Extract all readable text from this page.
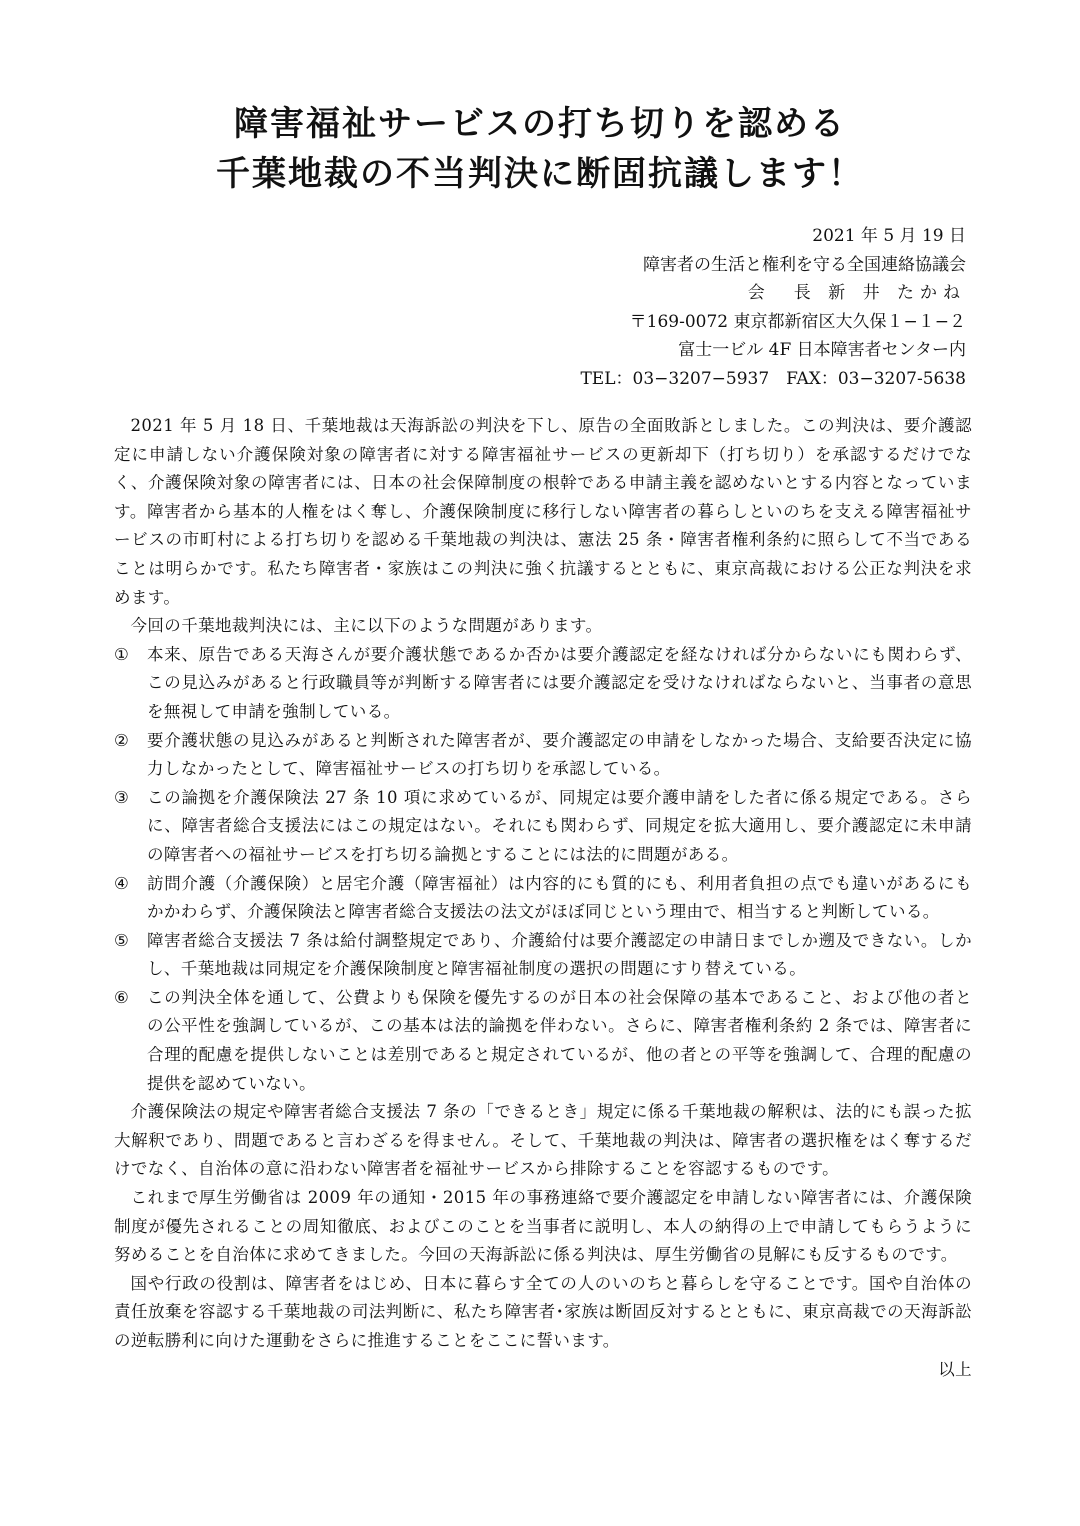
障害福祉サービスの打ち切りを認める
千葉地裁の不当判決に断固抗議します！
2021 年 5 月 19 日
障害者の生活と権利を守る全国連絡協議会
会　長 新 井 たかね
〒169-0072 東京都新宿区大久保１−１−２
富士一ビル 4F 日本障害者センター内
TEL：03−3207−5937　FAX：03−3207-5638

2021 年 5 月 18 日、千葉地裁は天海訴訟の判決を下し、原告の全面敗訴としました。この判決は、要介護認定に申請しない介護保険対象の障害者に対する障害福祉サービスの更新却下（打ち切り）を承認するだけでなく、介護保険対象の障害者には、日本の社会保障制度の根幹である申請主義を認めないとする内容となっています。障害者から基本的人権をはく奪し、介護保険制度に移行しない障害者の暮らしといのちを支える障害福祉サービスの市町村による打ち切りを認める千葉地裁の判決は、憲法 25 条・障害者権利条約に照らして不当であることは明らかです。私たち障害者・家族はこの判決に強く抗議するとともに、東京高裁における公正な判決を求めます。

今回の千葉地裁判決には、主に以下のような問題があります。

① 本来、原告である天海さんが要介護状態であるか否かは要介護認定を経なければ分からないにも関わらず、この見込みがあると行政職員等が判断する障害者には要介護認定を受けなければならないと、当事者の意思を無視して申請を強制している。
② 要介護状態の見込みがあると判断された障害者が、要介護認定の申請をしなかった場合、支給要否決定に協力しなかったとして、障害福祉サービスの打ち切りを承認している。
③ この論拠を介護保険法 27 条 10 項に求めているが、同規定は要介護申請をした者に係る規定である。さらに、障害者総合支援法にはこの規定はない。それにも関わらず、同規定を拡大適用し、要介護認定に未申請の障害者への福祉サービスを打ち切る論拠とすることには法的に問題がある。
④ 訪問介護（介護保険）と居宅介護（障害福祉）は内容的にも質的にも、利用者負担の点でも違いがあるにもかかわらず、介護保険法と障害者総合支援法の法文がほぼ同じという理由で、相当すると判断している。
⑤ 障害者総合支援法 7 条は給付調整規定であり、介護給付は要介護認定の申請日までしか遡及できない。しかし、千葉地裁は同規定を介護保険制度と障害福祉制度の選択の問題にすり替えている。
⑥ この判決全体を通して、公費よりも保険を優先するのが日本の社会保障の基本であること、および他の者との公平性を強調しているが、この基本は法的論拠を伴わない。さらに、障害者権利条約 2 条では、障害者に合理的配慮を提供しないことは差別であると規定されているが、他の者との平等を強調して、合理的配慮の提供を認めていない。

介護保険法の規定や障害者総合支援法 7 条の「できるとき」規定に係る千葉地裁の解釈は、法的にも誤った拡大解釈であり、問題であると言わざるを得ません。そして、千葉地裁の判決は、障害者の選択権をはく奪するだけでなく、自治体の意に沿わない障害者を福祉サービスから排除することを容認するものです。

これまで厚生労働省は 2009 年の通知・2015 年の事務連絡で要介護認定を申請しない障害者には、介護保険制度が優先されることの周知徹底、およびこのことを当事者に説明し、本人の納得の上で申請してもらうように努めることを自治体に求めてきました。今回の天海訴訟に係る判決は、厚生労働省の見解にも反するものです。

国や行政の役割は、障害者をはじめ、日本に暮らす全ての人のいのちと暮らしを守ることです。国や自治体の責任放棄を容認する千葉地裁の司法判断に、私たち障害者･家族は断固反対するとともに、東京高裁での天海訴訟の逆転勝利に向けた運動をさらに推進することをここに誓います。

以上
